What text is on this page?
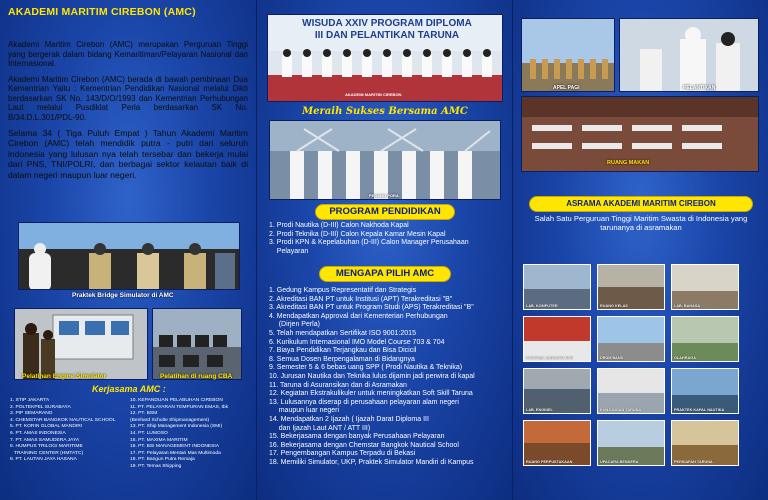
AKADEMI MARITIM CIREBON (AMC)

Akademi Maritim Cirebon (AMC) merupakan Perguruan Tinggi yang bergerak dalam bidang Kemaritiman/Pelayaran Nasional dan Internasional.

Akademi Maritim Cirebon (AMC) berada di bawah pembinaan Dua Kementrian Yaitu : Kementrian Pendidikan Nasional melalui Dikti berdasarkan SK No. 143/D/O/1993 dan Kementrian Perhubungan Laut melalui Pusdiklat Perla berdasarkan SK No. B/34.D.L.301/PDL-90.

Selama 34 ( Tiga Puluh Empat ) Tahun Akademi Maritim Cirebon (AMC) telah mendidik putra - putri dari seluruh indonesia yang lulusan nya telah tersebar dan bekerja mulai dari PNS, TNI/POLRI, dan berbagai sektor kelautan baik di dalam negeri maupun luar negeri.

Praktek Bridge Simulator di AMC
Pelatihan Engine Simulator	Pelatihan di ruang CBA
Kerjasama AMC :
1. STIP JAKARTA
2. POLTEKPEL SURABAYA
3. PIP SEMARANG
4. CHEMSTAR BANGKOK NAUTICAL SCHOOL
5. PT. KORIN GLOBAL MANDIRI
6. PT. AMAS INDONESIA
7. PT. AMAS SAMUDERA JAYA
8. HUMPUS TRILOGI MARITIME
TRAINING CENTER (HMTATC)
9. PT. LAUTAN JAYA HASANA
10. KEPANDUAN PELABUHAN CIREBON
11. PT. PELAYARAN TEMPURAN EMAS, tbk
12. PT. BSM
(Benhard Schulte Shipmanagement)
13. PT. Ship Management Indonesia (SMI)
14. PT. LUMOSO
15. PT. MAXIMA MARITIM
16. PT. BSI MANAGEMENT INDONESIA
17. PT. Pelayaran Mentari Mas Multimoda
18. PT. Bangun Putra Remaja
19. PT. Temas Shipping
WISUDA XXIV PROGRAM DIPLOMA III DAN PELANTIKAN TARUNA
AKADEMI MARITIM CIREBON
Meraih Sukses Bersama AMC
PEDANG PORA
PROGRAM PENDIDIKAN
1. Prodi Nautika (D-III) Calon Nakhoda Kapal
2. Prodi Teknika (D-III) Calon Kepala Kamar Mesin Kapal
3. Prodi KPN & Kepelabuhan (D-III) Calon Manager Perusahaan
Pelayaran
MENGAPA PILIH AMC
1. Gedung Kampus Representatif dan Strategis
2. Akreditasi BAN PT untuk Institusi (APT) Terakreditasi "B"
3. Akreditasi BAN PT untuk Program Studi (APS) Terakreditasi "B"
4. Mendapatkan Approval dari Kementerian Perhubungan
(Dirjen Perla)
5. Telah mendapatkan Sertifikat ISO 9001:2015
6. Kurikulum Internasional IMO Model Course 703 & 704
7. Biaya Pendidikan Terjangkau dan Bisa Dicicil
8. Semua Dosen Berpengalaman di Bidangnya
9. Semester 5 & 6 bebas uang SPP ( Prodi Nautika & Teknika)
10. Jurusan Nautika dan Teknika lulus dijamin jadi perwira di kapal
11. Taruna di Asuransikan dan di Asramakan
12. Kegiatan Ekstrakulikuler untuk meningkatkan Soft Skill Taruna
13. Lulusannya diserap di perusahaan pelayaran alam negeri
maupun luar negeri
14. Mendapatkan 2 Ijazah ( Ijazah Darat Diploma III
dan Ijazah Laut ANT / ATT III)
15. Bekerjasama dengan banyak Perusahaan Pelayaran
16. Bekerjasama dengan Chemstar Bangkok Nautical School
17. Pengembangan Kampus Terpadu di Bekasi
18. Memiliki Simulator, UKP, Praktek Simulator Mandiri di Kampus
APEL PAGI	PELANTIKAN
RUANG MAKAN
ASRAMA AKADEMI MARITIM CIREBON
Salah Satu Perguruan Tinggi Maritim Swasta di Indonesia yang tarunanya di asramakan
LAB. KOMPUTER	RUANG KELAS	LAB. BAHASA
PRAKTEK JURUSAN KPN	DRUM BAND	OLAHRAGA
LAB. ENGINEL	KUNJUNGAN TARUNA	PRAKTEK KAPAL NAUTIKA
RUANG PERPUSTAKAAN	UPACARA BENDERA	PERSIAPAN TARUNA
